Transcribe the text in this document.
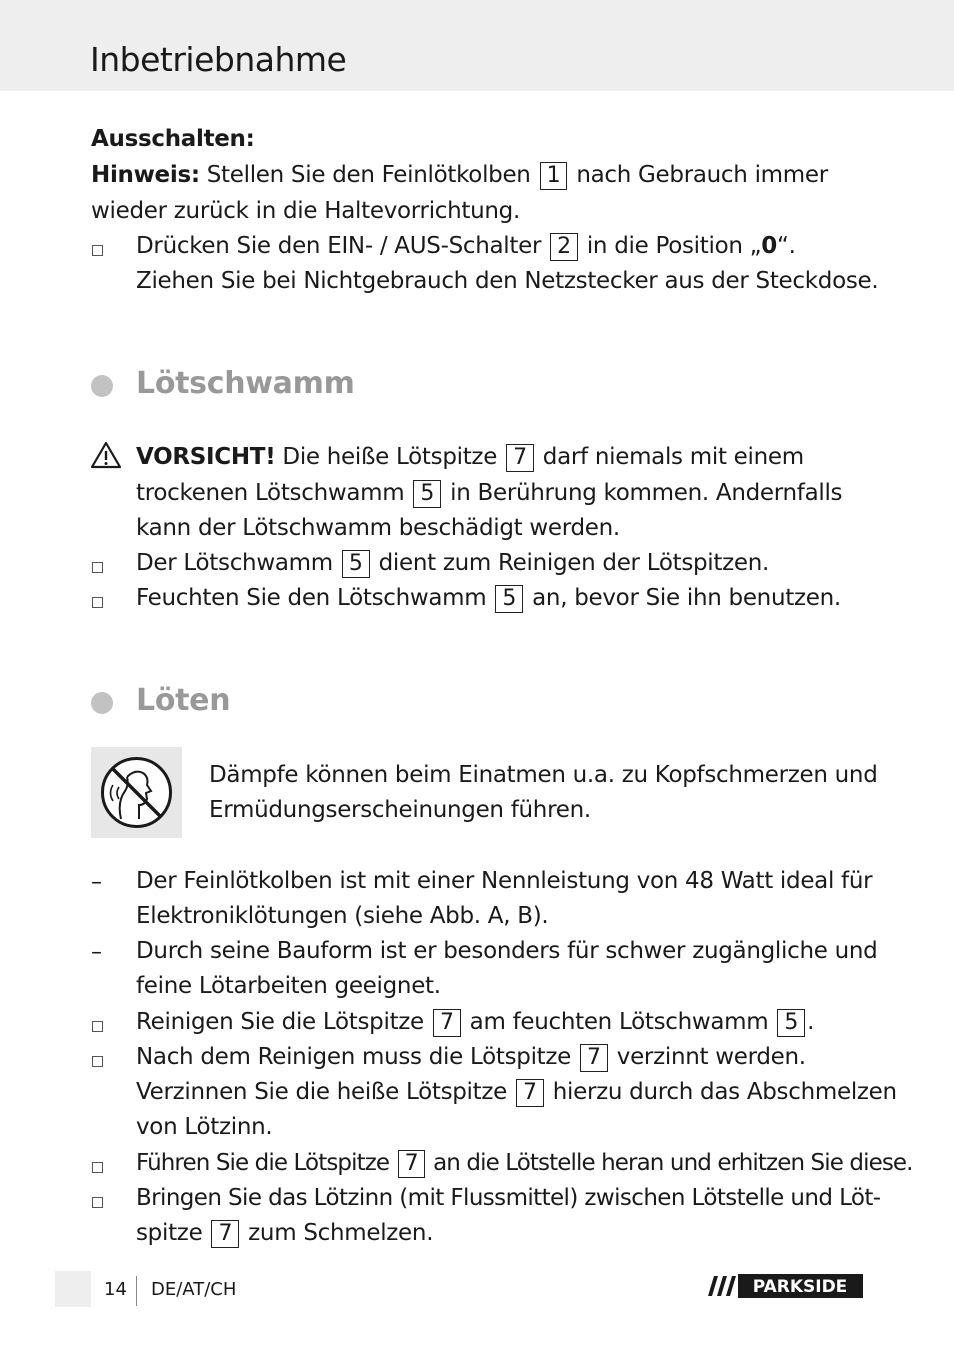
Inbetriebnahme
Ausschalten:
Hinweis: Stellen Sie den Feinlötkolben 1 nach Gebrauch immer
wieder zurück in die Haltevorrichtung.
Drücken Sie den EIN- / AUS-Schalter 2 in die Position „0“.
Ziehen Sie bei Nichtgebrauch den Netzstecker aus der Steckdose.
Lötschwamm
VORSICHT! Die heiße Lötspitze 7 darf niemals mit einem
trockenen Lötschwamm 5 in Berührung kommen. Andernfalls
kann der Lötschwamm beschädigt werden.
Der Lötschwamm 5 dient zum Reinigen der Lötspitzen.
Feuchten Sie den Lötschwamm 5 an, bevor Sie ihn benutzen.
Löten
Dämpfe können beim Einatmen u.a. zu Kopfschmerzen und
Ermüdungserscheinungen führen.
– Der Feinlötkolben ist mit einer Nennleistung von 48 Watt ideal für
Elektroniklötungen (siehe Abb. A, B).
– Durch seine Bauform ist er besonders für schwer zugängliche und
feine Lötarbeiten geeignet.
Reinigen Sie die Lötspitze 7 am feuchten Lötschwamm 5 .
Nach dem Reinigen muss die Lötspitze 7 verzinnt werden.
Verzinnen Sie die heiße Lötspitze 7 hierzu durch das Abschmelzen
von Lötzinn.
Führen Sie die Lötspitze 7 an die Lötstelle heran und erhitzen Sie diese.
Bringen Sie das Lötzinn (mit Flussmittel) zwischen Lötstelle und Löt-
spitze 7 zum Schmelzen.
14 DE/AT/CH	PARKSIDE
